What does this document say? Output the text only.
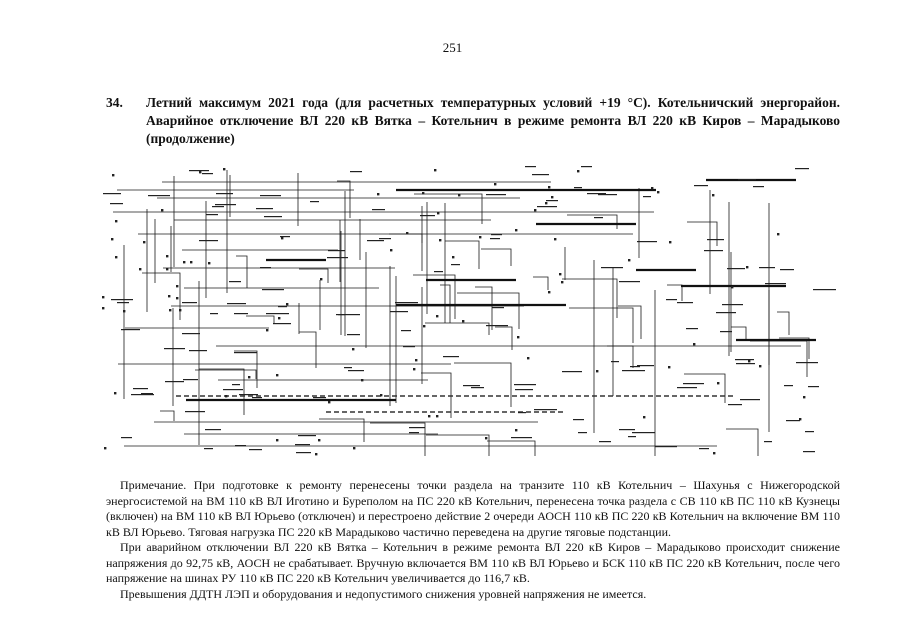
251
34. Летний максимум 2021 года (для расчетных температурных условий +19 °C). Котельничский энергорайон. Аварийное отключение ВЛ 220 кВ Вятка – Котельнич в режиме ремонта ВЛ 220 кВ Киров – Марадыково (продолжение)

Примечание. При подготовке к ремонту перенесены точки раздела на транзите 110 кВ Котельнич – Шахунья с Нижегородской энергосистемой на ВМ 110 кВ ВЛ Иготино и Буреполом на ПС 220 кВ Котельнич, перенесена точка раздела с СВ 110 кВ ПС 110 кВ Кузнецы (включен) на ВМ 110 кВ ВЛ Юрьево (отключен) и перестроено действие 2 очереди АОСН 110 кВ ПС 220 кВ Котельнич на включение ВМ 110 кВ ВЛ Юрьево. Тяговая нагрузка ПС 220 кВ Марадыково частично переведена на другие тяговые подстанции.

При аварийном отключении ВЛ 220 кВ Вятка – Котельнич в режиме ремонта ВЛ 220 кВ Киров – Марадыково происходит снижение напряжения до 92,75 кВ, АОСН не срабатывает. Вручную включается ВМ 110 кВ ВЛ Юрьево и БСК 110 кВ ПС 220 кВ Котельнич, после чего напряжение на шинах РУ 110 кВ ПС 220 кВ Котельнич увеличивается до 116,7 кВ.

Превышения ДДТН ЛЭП и оборудования и недопустимого снижения уровней напряжения не имеется.
